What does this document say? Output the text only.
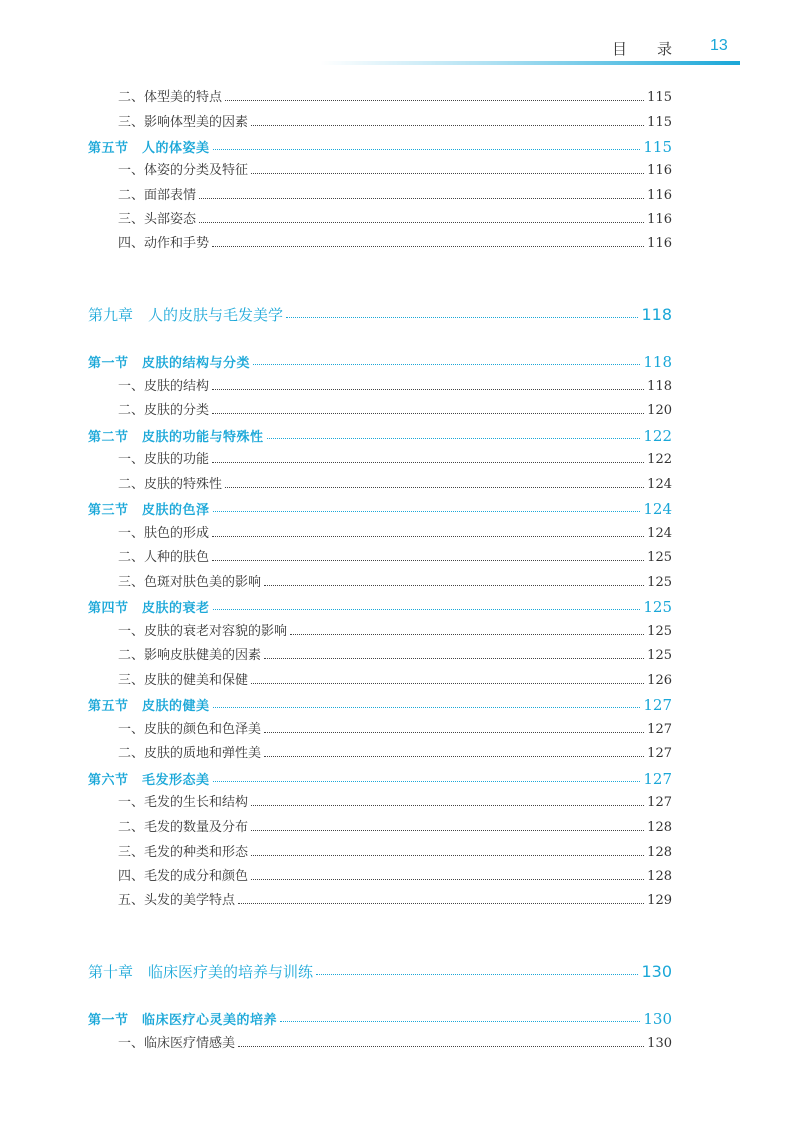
目 录 13
二、体型美的特点	115
三、影响体型美的因素	115
第五节　人的体姿美	115
一、体姿的分类及特征	116
二、面部表情	116
三、头部姿态	116
四、动作和手势	116
第九章　人的皮肤与毛发美学	118
第一节　皮肤的结构与分类	118
一、皮肤的结构	118
二、皮肤的分类	120
第二节　皮肤的功能与特殊性	122
一、皮肤的功能	122
二、皮肤的特殊性	124
第三节　皮肤的色泽	124
一、肤色的形成	124
二、人种的肤色	125
三、色斑对肤色美的影响	125
第四节　皮肤的衰老	125
一、皮肤的衰老对容貌的影响	125
二、影响皮肤健美的因素	125
三、皮肤的健美和保健	126
第五节　皮肤的健美	127
一、皮肤的颜色和色泽美	127
二、皮肤的质地和弹性美	127
第六节　毛发形态美	127
一、毛发的生长和结构	127
二、毛发的数量及分布	128
三、毛发的种类和形态	128
四、毛发的成分和颜色	128
五、头发的美学特点	129
第十章　临床医疗美的培养与训练	130
第一节　临床医疗心灵美的培养	130
一、临床医疗情感美	130
